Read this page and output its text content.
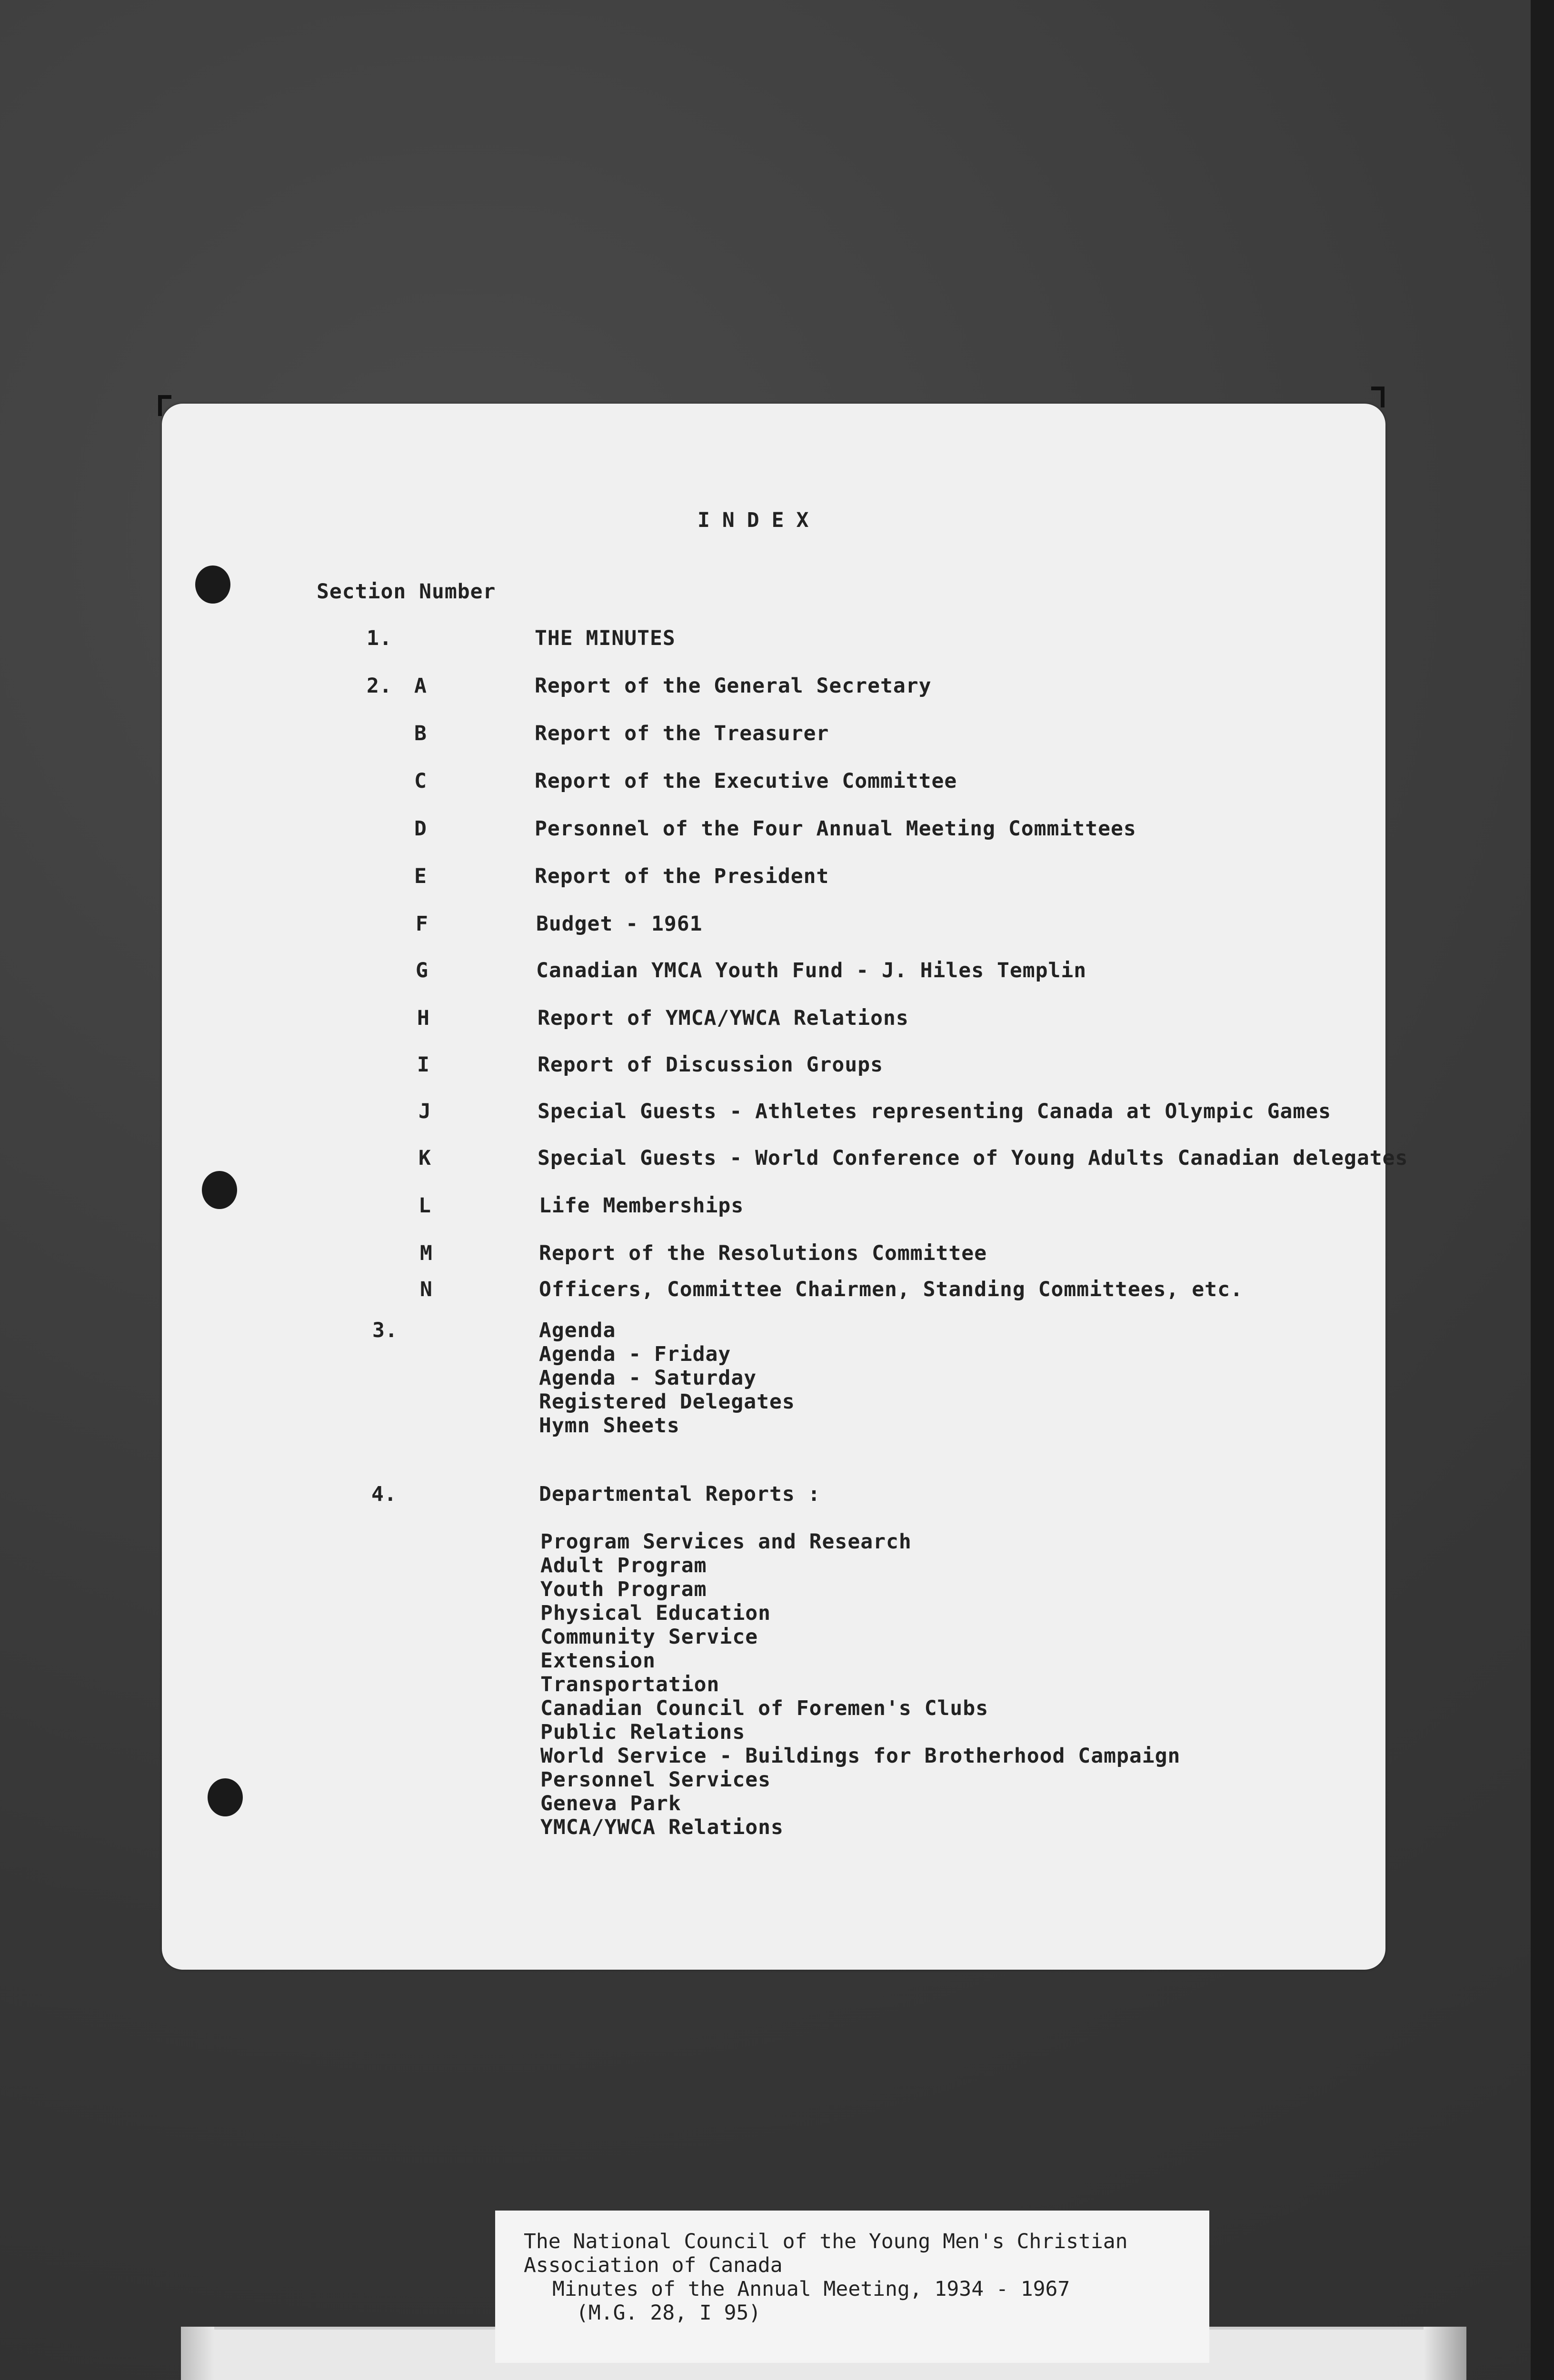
INDEX
Section Number
1.	THE MINUTES
2. A	Report of the General Secretary
B	Report of the Treasurer
C	Report of the Executive Committee
D	Personnel of the Four Annual Meeting Committees
E	Report of the President
F	Budget - 1961
G	Canadian YMCA Youth Fund - J. Hiles Templin
H	Report of YMCA/YWCA Relations
I	Report of Discussion Groups
J	Special Guests - Athletes representing Canada at Olympic Games
K	Special Guests - World Conference of Young Adults Canadian delegates
L	Life Memberships
M	Report of the Resolutions Committee
N	Officers, Committee Chairmen, Standing Committees, etc.
3.	Agenda
Agenda - Friday
Agenda - Saturday
Registered Delegates
Hymn Sheets
4.	Departmental Reports :
Program Services and Research
Adult Program
Youth Program
Physical Education
Community Service
Extension
Transportation
Canadian Council of Foremen's Clubs
Public Relations
World Service - Buildings for Brotherhood Campaign
Personnel Services
Geneva Park
YMCA/YWCA Relations
The National Council of the Young Men's Christian
Association of Canada
Minutes of the Annual Meeting, 1934 - 1967
(M.G. 28, I 95)
